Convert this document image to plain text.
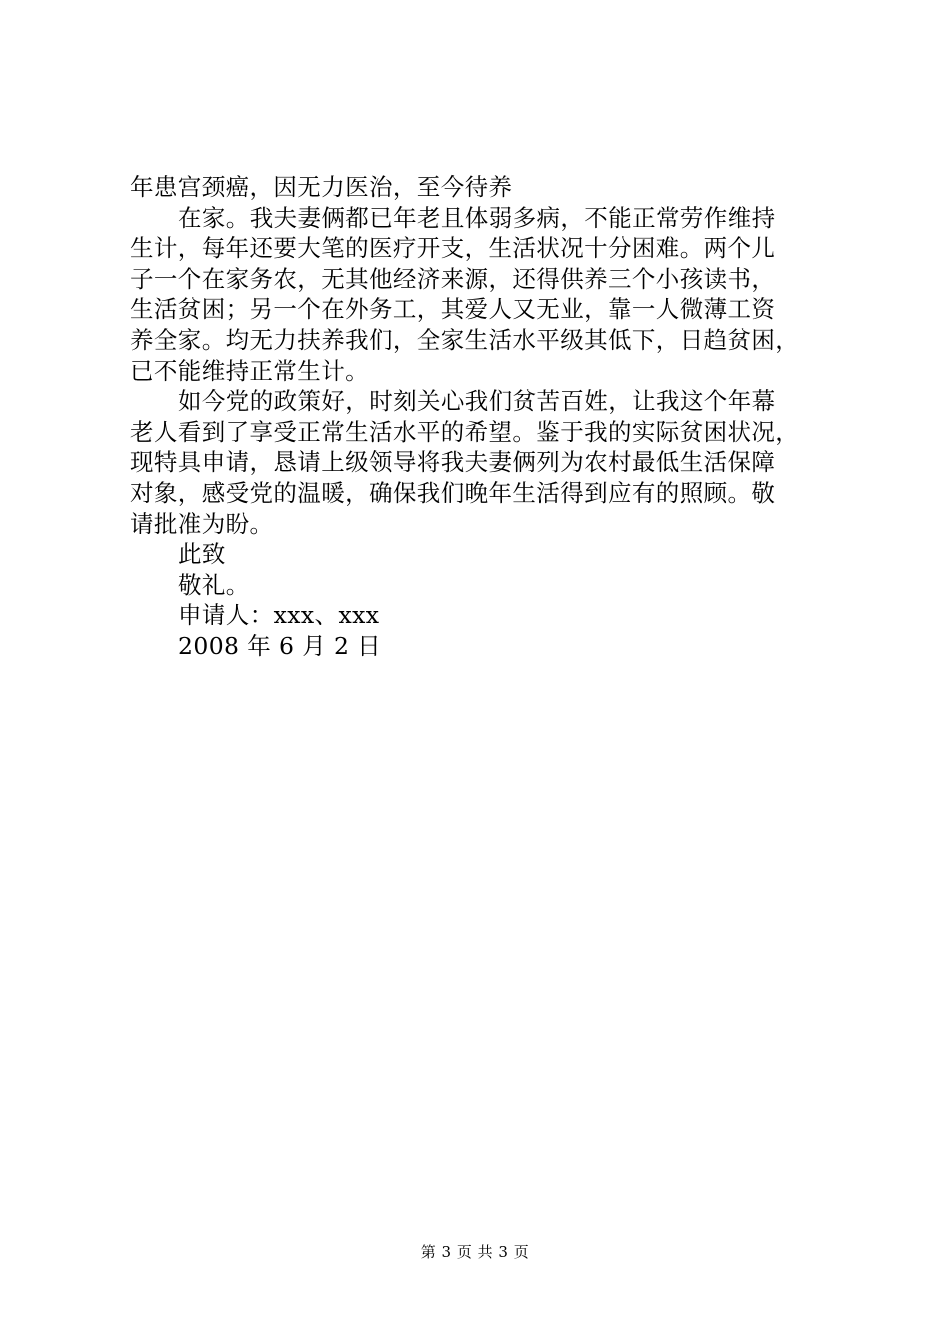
年患宫颈癌，因无力医治，至今待养
在家。我夫妻俩都已年老且体弱多病，不能正常劳作维持
生计，每年还要大笔的医疗开支，生活状况十分困难。两个儿
子一个在家务农，无其他经济来源，还得供养三个小孩读书，
生活贫困；另一个在外务工，其爱人又无业，靠一人微薄工资
养全家。均无力扶养我们，全家生活水平级其低下，日趋贫困，
已不能维持正常生计。
如今党的政策好，时刻关心我们贫苦百姓，让我这个年幕
老人看到了享受正常生活水平的希望。鉴于我的实际贫困状况，
现特具申请，恳请上级领导将我夫妻俩列为农村最低生活保障
对象，感受党的温暖，确保我们晚年生活得到应有的照顾。敬
请批准为盼。
此致
敬礼。
申请人：xxx、xxx
2008 年 6 月 2 日
第 3 页 共 3 页
